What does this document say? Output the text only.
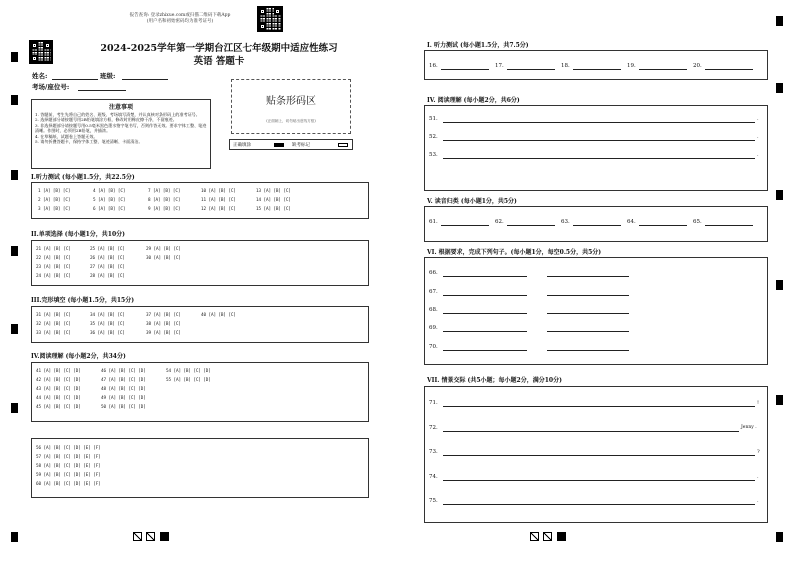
报告查询: 登录zhixue.com或扫描二维码下载App
(用户名和初始密码均为准考证号)
2024-2025学年第一学期台江区七年级期中适应性练习
英语 答题卡
姓名:	班级:
考场/座位号:
注意事项
1. 答题前，考生先将自己的姓名、班级、考场填写清楚，并认真核对条形码上的准考证号。
2. 选择题部分请按题号用2B铅笔填涂方框，修改时用橡皮擦干净，不留痕迹。
3. 非选择题部分请按题号用0.5毫米黑色墨水签字笔书写，否则作答无效。要求字体工整、笔迹清晰。作图时，必须用2B铅笔，并描浓。
4. 在草稿纸、试题卷上答题无效。
5. 请勿折叠答题卡，保持字体工整、笔迹清晰、卡面清洁。
贴条形码区
(正面朝上，切勿贴出虚线方框)
正确填涂	缺考标记
I.听力测试 (每小题1.5分，共22.5分)
1 [A] [B] [C]
2 [A] [B] [C]
3 [A] [B] [C]
4 [A] [B] [C]
5 [A] [B] [C]
6 [A] [B] [C]
7 [A] [B] [C]
8 [A] [B] [C]
9 [A] [B] [C]
10 [A] [B] [C]
11 [A] [B] [C]
12 [A] [B] [C]
13 [A] [B] [C]
14 [A] [B] [C]
15 [A] [B] [C]
II.单项选择 (每小题1分，共10分)
21 [A] [B] [C]
22 [A] [B] [C]
23 [A] [B] [C]
24 [A] [B] [C]
25 [A] [B] [C]
26 [A] [B] [C]
27 [A] [B] [C]
28 [A] [B] [C]
29 [A] [B] [C]
30 [A] [B] [C]
III.完形填空 (每小题1.5分，共15分)
31 [A] [B] [C]
32 [A] [B] [C]
33 [A] [B] [C]
34 [A] [B] [C]
35 [A] [B] [C]
36 [A] [B] [C]
37 [A] [B] [C]
38 [A] [B] [C]
39 [A] [B] [C]
40 [A] [B] [C]
IV.阅读理解 (每小题2分，共34分)
41 [A] [B] [C] [D]
42 [A] [B] [C] [D]
43 [A] [B] [C] [D]
44 [A] [B] [C] [D]
45 [A] [B] [C] [D]
46 [A] [B] [C] [D]
47 [A] [B] [C] [D]
48 [A] [B] [C] [D]
49 [A] [B] [C] [D]
50 [A] [B] [C] [D]
54 [A] [B] [C] [D]
55 [A] [B] [C] [D]
56 [A] [B] [C] [D] [E] [F]
57 [A] [B] [C] [D] [E] [F]
58 [A] [B] [C] [D] [E] [F]
59 [A] [B] [C] [D] [E] [F]
60 [A] [B] [C] [D] [E] [F]
I. 听力测试 (每小题1.5分，共7.5分)
16.	17.	18.	19.	20.
IV. 阅读理解 (每小题2分，共6分)
51.	.
52.	.
53.	.
V. 读音归类 (每小题1分，共5分)
61.	62.	63.	64.	65.
VI. 根据要求，完成下列句子。(每小题1分，每空0.5分，共5分)
66.
67.
68.
69.
70.
VII. 情景交际 (共5小题；每小题2分，满分10分)
71.	!
72.	Jenny .
73.	?
74.	.
75.	.
